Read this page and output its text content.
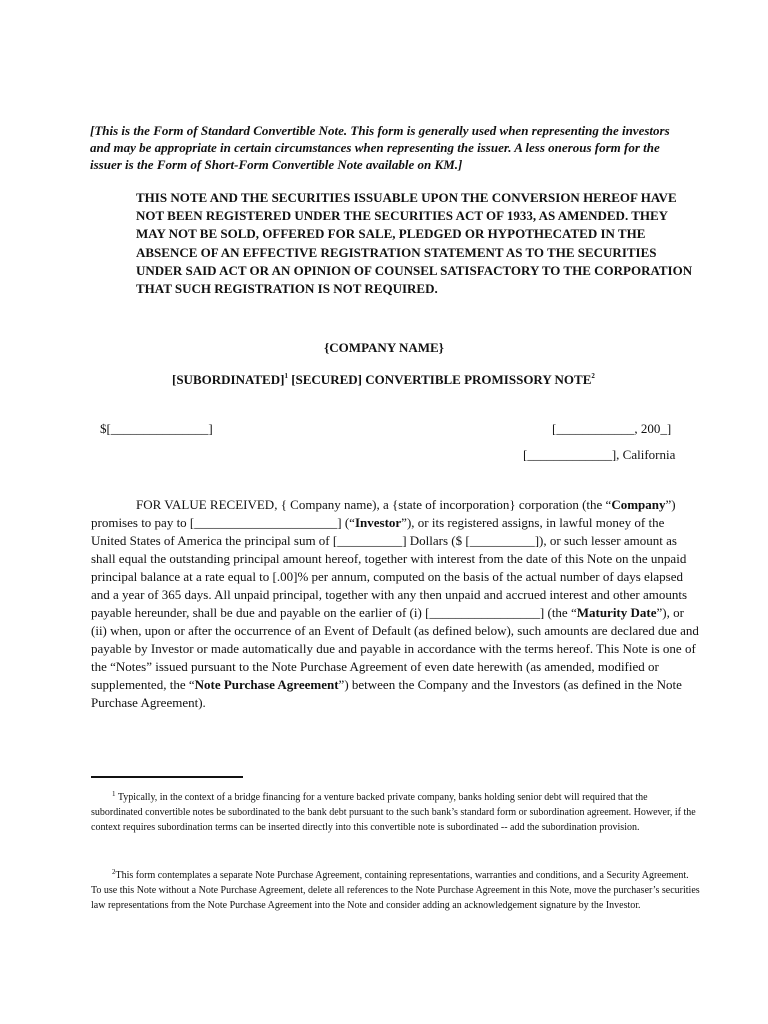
[This is the Form of Standard Convertible Note. This form is generally used when representing the investors and may be appropriate in certain circumstances when representing the issuer. A less onerous form for the issuer is the Form of Short-Form Convertible Note available on KM.]
THIS NOTE AND THE SECURITIES ISSUABLE UPON THE CONVERSION HEREOF HAVE NOT BEEN REGISTERED UNDER THE SECURITIES ACT OF 1933, AS AMENDED. THEY MAY NOT BE SOLD, OFFERED FOR SALE, PLEDGED OR HYPOTHECATED IN THE ABSENCE OF AN EFFECTIVE REGISTRATION STATEMENT AS TO THE SECURITIES UNDER SAID ACT OR AN OPINION OF COUNSEL SATISFACTORY TO THE CORPORATION THAT SUCH REGISTRATION IS NOT REQUIRED.
{COMPANY NAME}
[SUBORDINATED]$^1$ [SECURED] CONVERTIBLE PROMISSORY NOTE$^2$
$[_______________]	[____________, 200_]
[_____________], California
FOR VALUE RECEIVED, { Company name), a {state of incorporation} corporation (the “Company”) promises to pay to [______________________] (“Investor”), or its registered assigns, in lawful money of the United States of America the principal sum of [__________] Dollars ($ [__________]), or such lesser amount as shall equal the outstanding principal amount hereof, together with interest from the date of this Note on the unpaid principal balance at a rate equal to [.00]% per annum, computed on the basis of the actual number of days elapsed and a year of 365 days. All unpaid principal, together with any then unpaid and accrued interest and other amounts payable hereunder, shall be due and payable on the earlier of (i) [_________________] (the “Maturity Date”), or (ii) when, upon or after the occurrence of an Event of Default (as defined below), such amounts are declared due and payable by Investor or made automatically due and payable in accordance with the terms hereof. This Note is one of the “Notes” issued pursuant to the Note Purchase Agreement of even date herewith (as amended, modified or supplemented, the “Note Purchase Agreement”) between the Company and the Investors (as defined in the Note Purchase Agreement).
$^1$ Typically, in the context of a bridge financing for a venture backed private company, banks holding senior debt will required that the subordinated convertible notes be subordinated to the bank debt pursuant to the such bank’s standard form or subordination agreement. However, if the context requires subordination terms can be inserted directly into this convertible note is subordinated -- add the subordination provision.
$^2$This form contemplates a separate Note Purchase Agreement, containing representations, warranties and conditions, and a Security Agreement. To use this Note without a Note Purchase Agreement, delete all references to the Note Purchase Agreement in this Note, move the purchaser’s securities law representations from the Note Purchase Agreement into the Note and consider adding an acknowledgement signature by the Investor.
